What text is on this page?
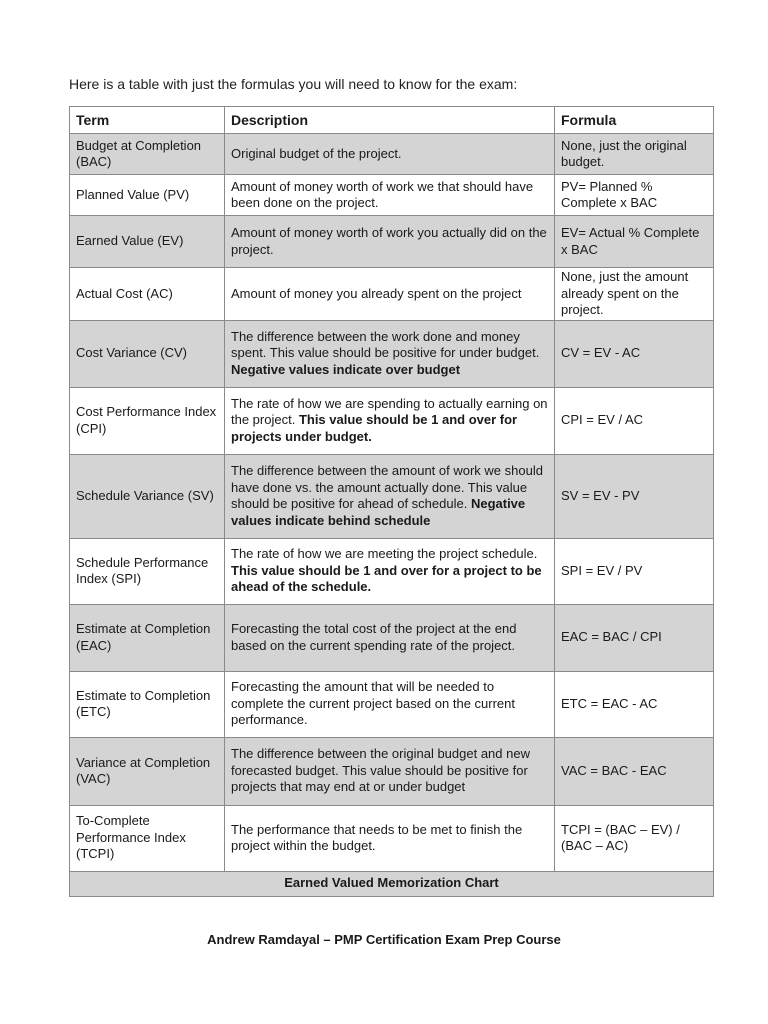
Here is a table with just the formulas you will need to know for the exam:
Term	Description	Formula
Budget at Completion (BAC)	Original budget of the project.	None, just the original budget.
Planned Value (PV)	Amount of money worth of work we that should have been done on the project.	PV= Planned % Complete x BAC
Earned Value (EV)	Amount of money worth of work you actually did on the project.	EV= Actual % Complete x BAC
Actual Cost (AC)	Amount of money you already spent on the project	None, just the amount already spent on the project.
Cost Variance (CV)	The difference between the work done and money spent. This value should be positive for under budget. Negative values indicate over budget	CV = EV - AC
Cost Performance Index (CPI)	The rate of how we are spending to actually earning on the project. This value should be 1 and over for projects under budget.	CPI = EV / AC
Schedule Variance (SV)	The difference between the amount of work we should have done vs. the amount actually done. This value should be positive for ahead of schedule. Negative values indicate behind schedule	SV = EV - PV
Schedule Performance Index (SPI)	The rate of how we are meeting the project schedule. This value should be 1 and over for a project to be ahead of the schedule.	SPI = EV / PV
Estimate at Completion (EAC)	Forecasting the total cost of the project at the end based on the current spending rate of the project.	EAC = BAC / CPI
Estimate to Completion (ETC)	Forecasting the amount that will be needed to complete the current project based on the current performance.	ETC = EAC - AC
Variance at Completion (VAC)	The difference between the original budget and new forecasted budget. This value should be positive for projects that may end at or under budget	VAC = BAC - EAC
To-Complete Performance Index (TCPI)	The performance that needs to be met to finish the project within the budget.	TCPI = (BAC – EV) / (BAC – AC)
Earned Valued Memorization Chart		
Andrew Ramdayal – PMP Certification Exam Prep Course
